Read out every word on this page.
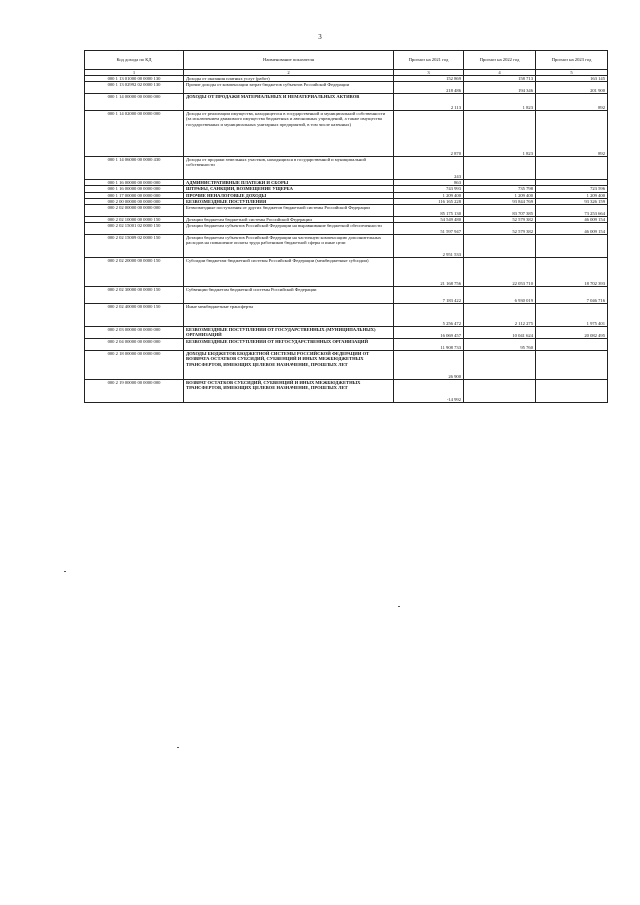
3
Код дохода по КД	Наименование показателя	Прогноз на 2021 год	Прогноз на 2022 год	Прогноз на 2023 год
1	2	3	4	5
000 1 13 01000 00 0000 130	Доходы от оказания платных услуг (работ)	152 869	158 713	163 145
000 1 13 02992 02 0000 130	Прочие доходы от компенсации затрат бюджетов субъектов Российской Федерации	218 486	194 346	201 900
000 1 14 00000 00 0000 000	ДОХОДЫ ОТ ПРОДАЖИ МАТЕРИАЛЬНЫХ И НЕМАТЕРИАЛЬНЫХ АКТИВОВ	2 113	1 823	892
000 1 14 02000 00 0000 000	Доходы от реализации имущества, находящегося в государственной и муниципальной собственности (за исключением движимого имущества бюджетных и автономных учреждений, а также имущества государственных и муниципальных унитарных предприятий, в том числе казенных)	2 870	1 823	892
000 1 14 06000 00 0000 430	Доходы от продажи земельных участков, находящихся в государственной и муниципальной собственности	243		
000 1 16 00000 00 0000 000	АДМИНИСТРАТИВНЫЕ ПЛАТЕЖИ И СБОРЫ	863		
000 1 16 00000 00 0000 000	ШТРАФЫ, САНКЦИИ, ВОЗМЕЩЕНИЕ УЩЕРБА	743 993	735 798	723 596
000 1 17 00000 00 0000 000	ПРОЧИЕ НЕНАЛОГОВЫЕ ДОХОДЫ	1 209 400	1 209 400	1 209 400
000 2 00 00000 00 0000 000	БЕЗВОЗМЕЗДНЫЕ ПОСТУПЛЕНИЯ	116 165 228	93 844 769	93 326 159
000 2 02 00000 00 0000 000	Безвозмездные поступления от других бюджетов бюджетной системы Российской Федерации	85 175 130	83 707 385	73 253 664
000 2 02 10000 00 0000 150	Дотации бюджетам бюджетной системы Российской Федерации	54 549 480	52 579 382	46 009 154
000 2 02 15001 02 0000 150	Дотации бюджетам субъектов Российской Федерации на выравнивание бюджетной обеспеченности	51 597 947	52 579 382	46 009 154
000 2 02 15009 02 0000 150	Дотации бюджетам субъектов Российской Федерации на частичную компенсацию дополнительных расходов на повышение оплаты труда работников бюджетной сферы и иные цели	2 951 533		
000 2 02 20000 00 0000 150	Субсидии бюджетам бюджетной системы Российской Федерации (межбюджетные субсидии)	21 168 756	22 053 710	18 702 393
000 2 02 30000 00 0000 150	Субвенции бюджетам бюджетной системы Российской Федерации	7 183 422	6 930 019	7 046 716
000 2 02 40000 00 0000 150	Иные межбюджетные трансферты	5 256 472	2 112 275	1 975 401
000 2 03 00000 00 0000 000	БЕЗВОЗМЕЗДНЫЕ ПОСТУПЛЕНИЯ ОТ ГОСУДАРСТВЕННЫХ (МУНИЦИПАЛЬНЫХ) ОРГАНИЗАЦИЙ	16 069 457	10 041 624	20 082 495
000 2 04 00000 00 0000 000	БЕЗВОЗМЕЗДНЫЕ ПОСТУПЛЕНИЯ ОТ НЕГОСУДАРСТВЕННЫХ ОРГАНИЗАЦИЙ	11 908 733	95 760	
000 2 18 00000 00 0000 000	ДОХОДЫ БЮДЖЕТОВ БЮДЖЕТНОЙ СИСТЕМЫ РОССИЙСКОЙ ФЕДЕРАЦИИ ОТ ВОЗВРАТА ОСТАТКОВ СУБСИДИЙ, СУБВЕНЦИЙ И ИНЫХ МЕЖБЮДЖЕТНЫХ ТРАНСФЕРТОВ, ИМЕЮЩИХ ЦЕЛЕВОЕ НАЗНАЧЕНИЕ, ПРОШЛЫХ ЛЕТ	26 900		
000 2 19 00000 00 0000 000	ВОЗВРАТ ОСТАТКОВ СУБСИДИЙ, СУБВЕНЦИЙ И ИНЫХ МЕЖБЮДЖЕТНЫХ ТРАНСФЕРТОВ, ИМЕЮЩИХ ЦЕЛЕВОЕ НАЗНАЧЕНИЕ, ПРОШЛЫХ ЛЕТ	-14 992		
